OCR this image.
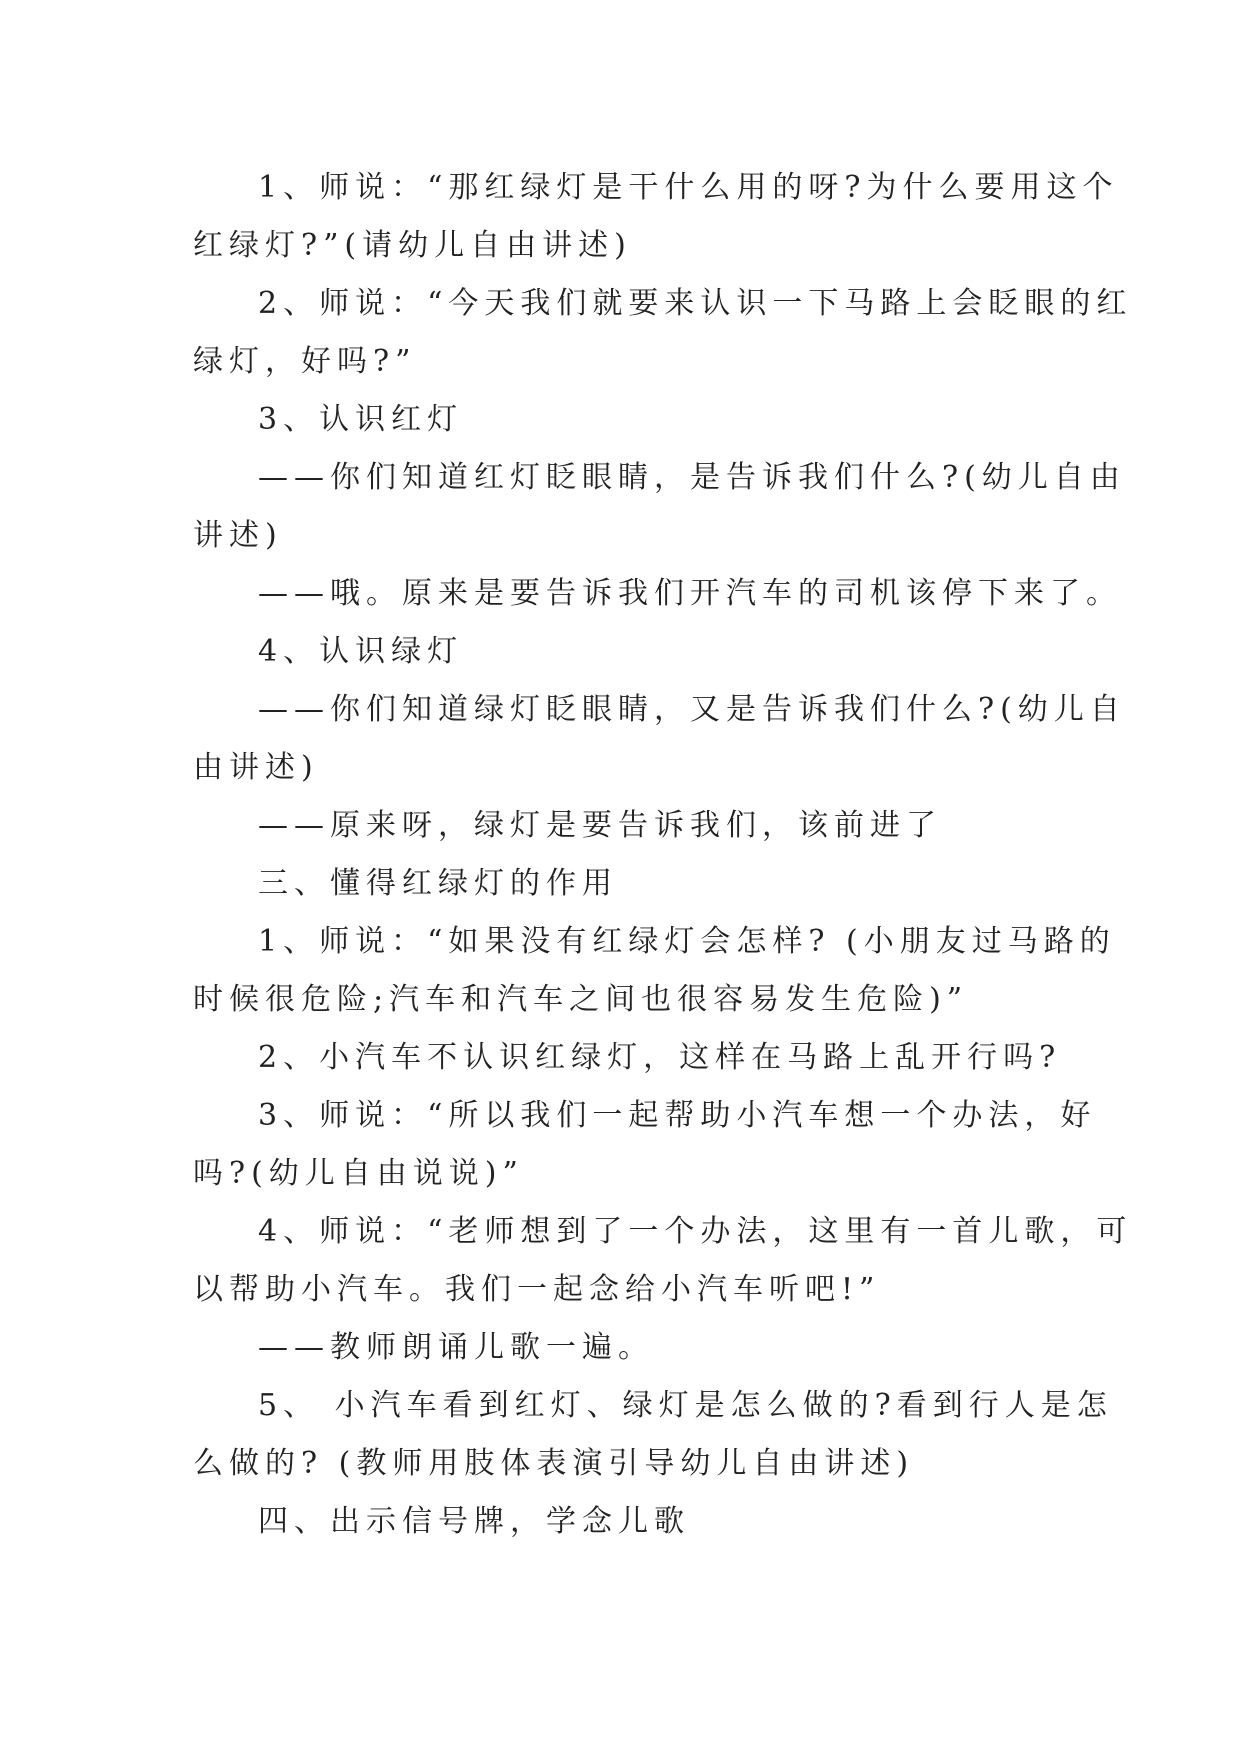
1、师说：“那红绿灯是干什么用的呀?为什么要用这个
红绿灯?”(请幼儿自由讲述)
2、师说：“今天我们就要来认识一下马路上会眨眼的红
绿灯，好吗?”
3、认识红灯
——你们知道红灯眨眼睛，是告诉我们什么?(幼儿自由
讲述)
——哦。原来是要告诉我们开汽车的司机该停下来了。
4、认识绿灯
——你们知道绿灯眨眼睛，又是告诉我们什么?(幼儿自
由讲述)
——原来呀，绿灯是要告诉我们，该前进了
三、懂得红绿灯的作用
1、师说：“如果没有红绿灯会怎样? (小朋友过马路的
时候很危险;汽车和汽车之间也很容易发生危险)”
2、小汽车不认识红绿灯，这样在马路上乱开行吗?
3、师说：“所以我们一起帮助小汽车想一个办法，好
吗?(幼儿自由说说)”
4、师说：“老师想到了一个办法，这里有一首儿歌，可
以帮助小汽车。我们一起念给小汽车听吧!”
——教师朗诵儿歌一遍。
5、 小汽车看到红灯、绿灯是怎么做的?看到行人是怎
么做的? (教师用肢体表演引导幼儿自由讲述)
四、出示信号牌，学念儿歌
